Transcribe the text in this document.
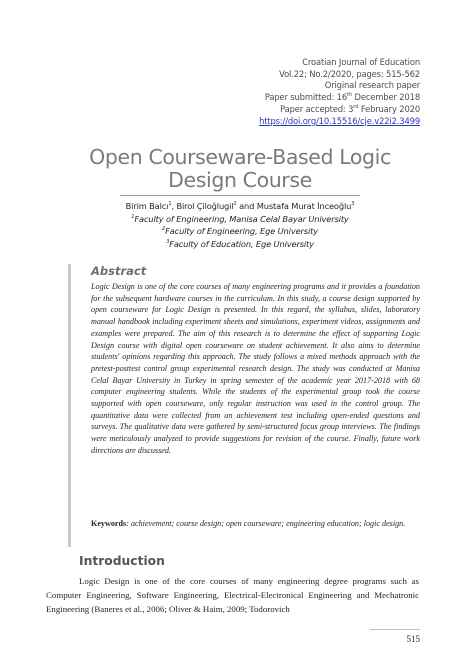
Croatian Journal of Education
Vol.22; No.2/2020, pages: 515-562
Original research paper
Paper submitted: 16th December 2018
Paper accepted: 3rd February 2020
https://doi.org/10.15516/cje.v22i2.3499
Open Courseware-Based Logic
Design Course
Birim Balcı$^1$, Birol Çiloğlugil$^2$ and Mustafa Murat İnceoğlu$^3$
$^1$Faculty of Engineering, Manisa Celal Bayar University
$^2$Faculty of Engineering, Ege University
$^3$Faculty of Education, Ege University
Abstract

Logic Design is one of the core courses of many engineering programs and it provides a foundation for the subsequent hardware courses in the curriculum. In this study, a course design supported by open courseware for Logic Design is presented. In this regard, the syllabus, slides, laboratory manual handbook including experiment sheets and simulations, experiment videos, assignments and examples were prepared. The aim of this research is to determine the effect of supporting Logic Design course with digital open courseware on student achievement. It also aims to determine students' opinions regarding this approach. The study follows a mixed methods approach with the pretest-posttest control group experimental research design. The study was conducted at Manisa Celal Bayar University in Turkey in spring semester of the academic year 2017-2018 with 68 computer engineering students. While the students of the experimental group took the course supported with open courseware, only regular instruction was used in the control group. The quantitative data were collected from an achievement test including open-ended questions and surveys. The qualitative data were gathered by semi-structured focus group interviews. The findings were meticulously analyzed to provide suggestions for revision of the course. Finally, future work directions are discussed.

Keywords: achievement; course design; open courseware; engineering education; logic design.

Introduction

Logic Design is one of the core courses of many engineering degree programs such as Computer Engineering, Software Engineering, Electrical-Electronical Engineering and Mechatronic Engineering (Baneres et al., 2006; Oliver & Haim, 2009; Todorovich

515
